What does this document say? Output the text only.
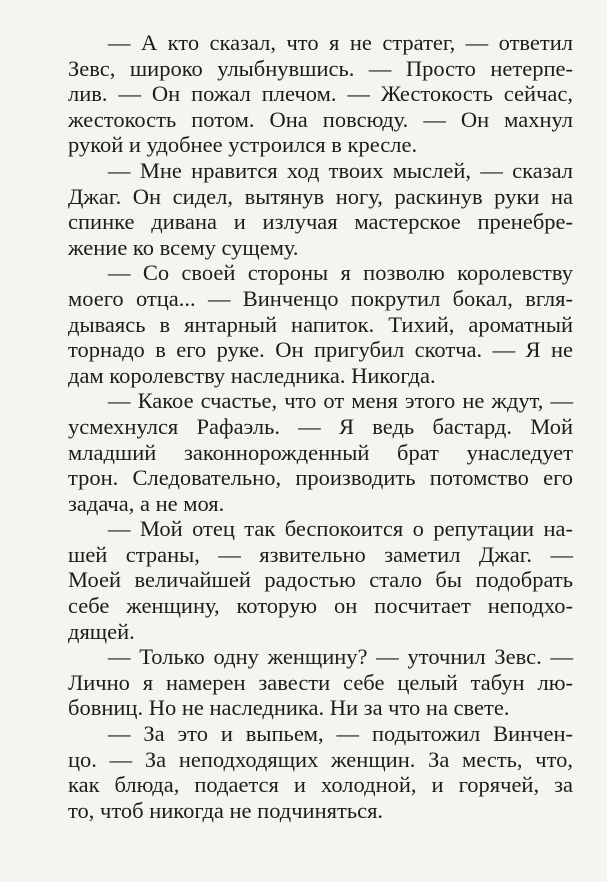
— А кто сказал, что я не стратег, — ответил
Зевс, широко улыбнувшись. — Просто нетерпе-
лив. — Он пожал плечом. — Жестокость сейчас,
жестокость потом. Она повсюду. — Он махнул
рукой и удобнее устроился в кресле.
— Мне нравится ход твоих мыслей, — сказал
Джаг. Он сидел, вытянув ногу, раскинув руки на
спинке дивана и излучая мастерское пренебре-
жение ко всему сущему.
— Со своей стороны я позволю королевству
моего отца... — Винченцо покрутил бокал, вгля-
дываясь в янтарный напиток. Тихий, ароматный
торнадо в его руке. Он пригубил скотча. — Я не
дам королевству наследника. Никогда.
— Какое счастье, что от меня этого не ждут, —
усмехнулся Рафаэль. — Я ведь бастард. Мой
младший законнорожденный брат унаследует
трон. Следовательно, производить потомство его
задача, а не моя.
— Мой отец так беспокоится о репутации на-
шей страны, — язвительно заметил Джаг. —
Моей величайшей радостью стало бы подобрать
себе женщину, которую он посчитает неподхо-
дящей.
— Только одну женщину? — уточнил Зевс. —
Лично я намерен завести себе целый табун лю-
бовниц. Но не наследника. Ни за что на свете.
— За это и выпьем, — подытожил Винчен-
цо. — За неподходящих женщин. За месть, что,
как блюда, подается и холодной, и горячей, за
то, чтоб никогда не подчиняться.
